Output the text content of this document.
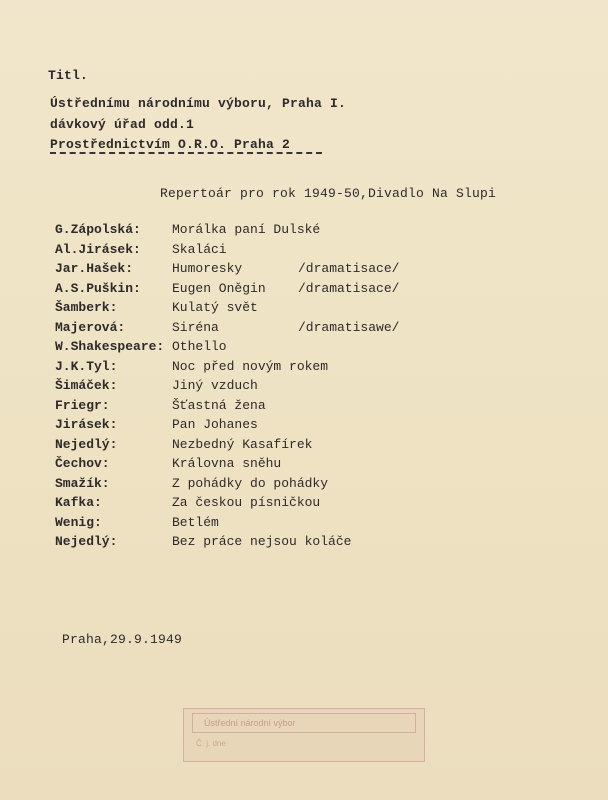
Titl.
Ústřednímu národnímu výboru, Praha I.
dávkový úřad odd.1
Prostřednictvím O.R.O. Praha 2
Repertoár pro rok 1949-50,Divadlo Na Slupi
G.Zápolská: Morálka paní Dulské
Al.Jirásek: Skaláci
Jar.Hašek:	Humoresky	/dramatisace/
A.S.Puškin: Eugen Oněgin /dramatisace/
Šamberk:	Kulatý svět
Majerová:	Siréna	/dramatisawe/
W.Shakespeare: Othello
J.K.Tyl:	Noc před novým rokem
Šimáček:	Jiný vzduch
Friegr:	Šťastná žena
Jirásek:	Pan Johanes
Nejedlý:	Nezbedný Kasafírek
Čechov:	Královna sněhu
Smažík:	Z pohádky do pohádky
Kafka:	Za českou písničkou
Wenig:	Betlém
Nejedlý:	Bez práce nejsou koláče
Praha,29.9.1949
Ústřední národní výbor
Č. j. dne
